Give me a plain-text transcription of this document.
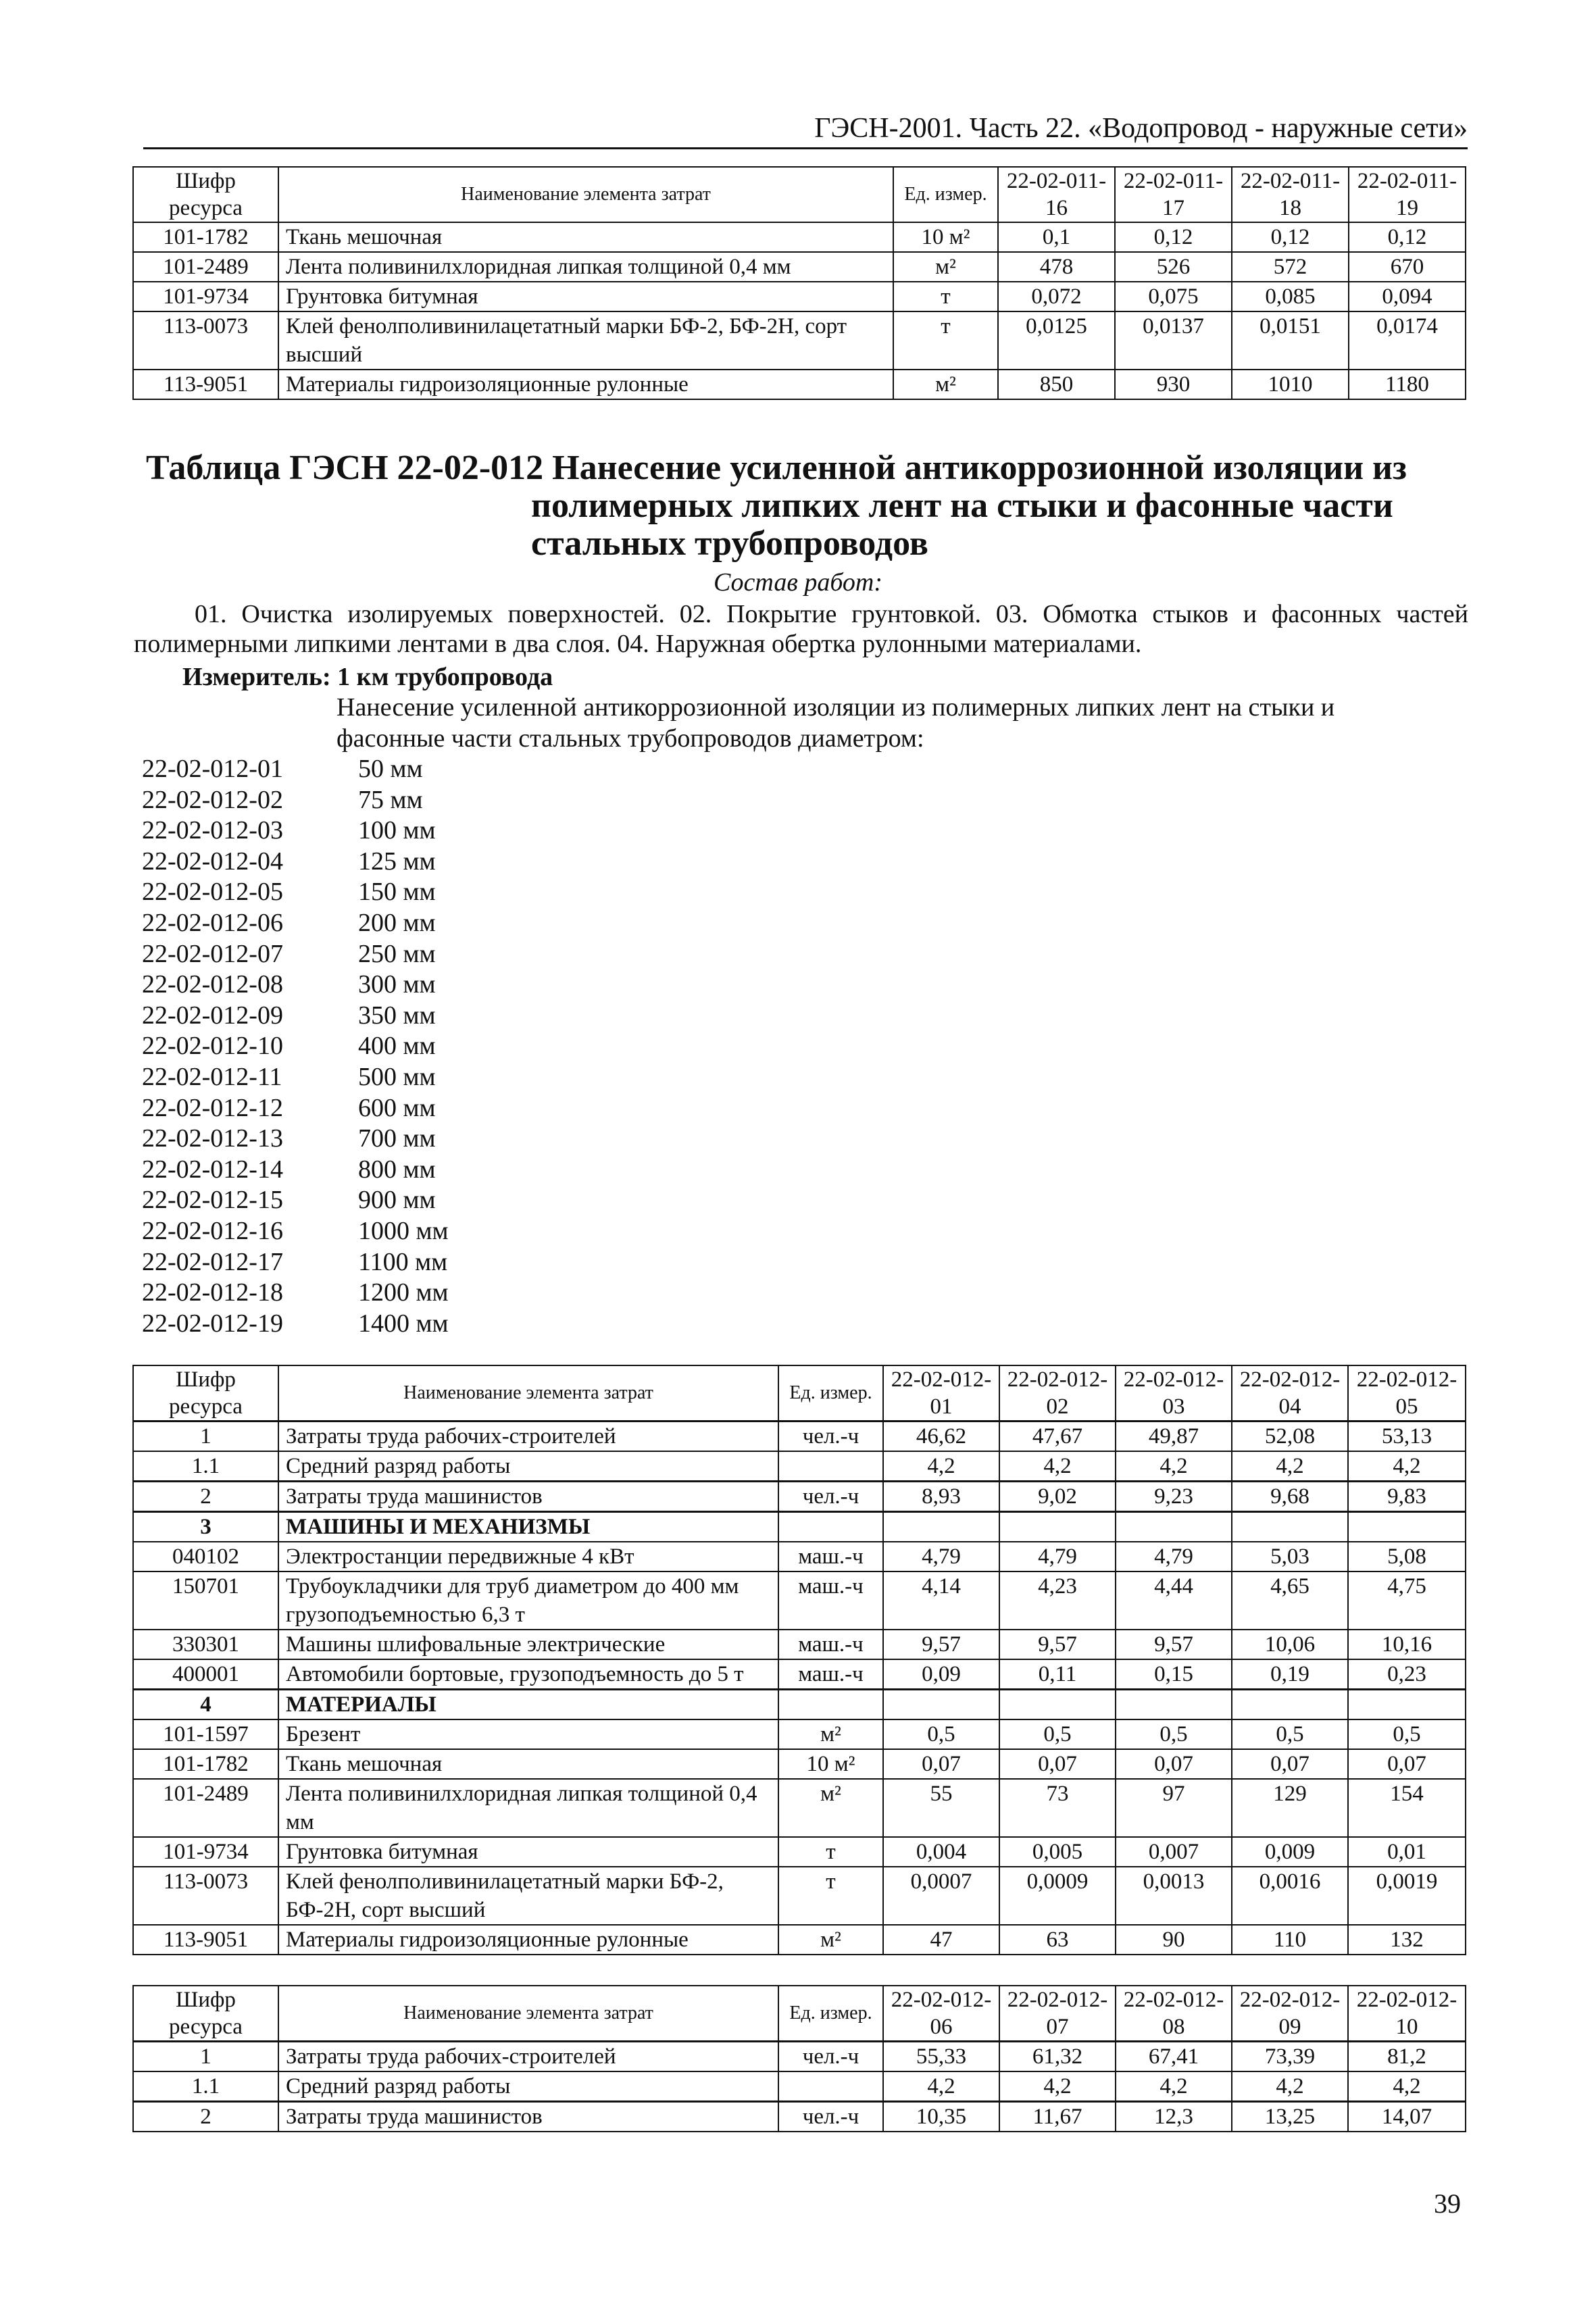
ГЭСН-2001. Часть 22. «Водопровод - наружные сети»
Шифр ресурса	Наименование элемента затрат	Ед. измер.	22-02-011-16	22-02-011-17	22-02-011-18	22-02-011-19
101-1782	Ткань мешочная	10 м²	0,1	0,12	0,12	0,12
101-2489	Лента поливинилхлоридная липкая толщиной 0,4 мм	м²	478	526	572	670
101-9734	Грунтовка битумная	т	0,072	0,075	0,085	0,094
113-0073	Клей фенолполивинилацетатный марки БФ-2, БФ-2Н, сорт высший	т	0,0125	0,0137	0,0151	0,0174
113-9051	Материалы гидроизоляционные рулонные	м²	850	930	1010	1180
Таблица ГЭСН 22-02-012 Нанесение усиленной антикоррозионной изоляции из
полимерных липких лент на стыки и фасонные части
стальных трубопроводов
Состав работ:
01. Очистка изолируемых поверхностей. 02. Покрытие грунтовкой. 03. Обмотка стыков и фасонных частей полимерными липкими лентами в два слоя. 04. Наружная обертка рулонными материалами.
Измеритель: 1 км трубопровода
Нанесение усиленной антикоррозионной изоляции из полимерных липких лент на стыки и фасонные части стальных трубопроводов диаметром:
22-02-012-01	50 мм
22-02-012-02	75 мм
22-02-012-03	100 мм
22-02-012-04	125 мм
22-02-012-05	150 мм
22-02-012-06	200 мм
22-02-012-07	250 мм
22-02-012-08	300 мм
22-02-012-09	350 мм
22-02-012-10	400 мм
22-02-012-11	500 мм
22-02-012-12	600 мм
22-02-012-13	700 мм
22-02-012-14	800 мм
22-02-012-15	900 мм
22-02-012-16	1000 мм
22-02-012-17	1100 мм
22-02-012-18	1200 мм
22-02-012-19	1400 мм
Шифр ресурса	Наименование элемента затрат	Ед. измер.	22-02-012-01	22-02-012-02	22-02-012-03	22-02-012-04	22-02-012-05
1	Затраты труда рабочих-строителей	чел.-ч	46,62	47,67	49,87	52,08	53,13
1.1	Средний разряд работы		4,2	4,2	4,2	4,2	4,2
2	Затраты труда машинистов	чел.-ч	8,93	9,02	9,23	9,68	9,83
3	МАШИНЫ И МЕХАНИЗМЫ						
040102	Электростанции передвижные 4 кВт	маш.-ч	4,79	4,79	4,79	5,03	5,08
150701	Трубоукладчики для труб диаметром до 400 мм грузоподъемностью 6,3 т	маш.-ч	4,14	4,23	4,44	4,65	4,75
330301	Машины шлифовальные электрические	маш.-ч	9,57	9,57	9,57	10,06	10,16
400001	Автомобили бортовые, грузоподъемность до 5 т	маш.-ч	0,09	0,11	0,15	0,19	0,23
4	МАТЕРИАЛЫ						
101-1597	Брезент	м²	0,5	0,5	0,5	0,5	0,5
101-1782	Ткань мешочная	10 м²	0,07	0,07	0,07	0,07	0,07
101-2489	Лента поливинилхлоридная липкая толщиной 0,4 мм	м²	55	73	97	129	154
101-9734	Грунтовка битумная	т	0,004	0,005	0,007	0,009	0,01
113-0073	Клей фенолполивинилацетатный марки БФ-2, БФ-2Н, сорт высший	т	0,0007	0,0009	0,0013	0,0016	0,0019
113-9051	Материалы гидроизоляционные рулонные	м²	47	63	90	110	132
Шифр ресурса	Наименование элемента затрат	Ед. измер.	22-02-012-06	22-02-012-07	22-02-012-08	22-02-012-09	22-02-012-10
1	Затраты труда рабочих-строителей	чел.-ч	55,33	61,32	67,41	73,39	81,2
1.1	Средний разряд работы		4,2	4,2	4,2	4,2	4,2
2	Затраты труда машинистов	чел.-ч	10,35	11,67	12,3	13,25	14,07
39
